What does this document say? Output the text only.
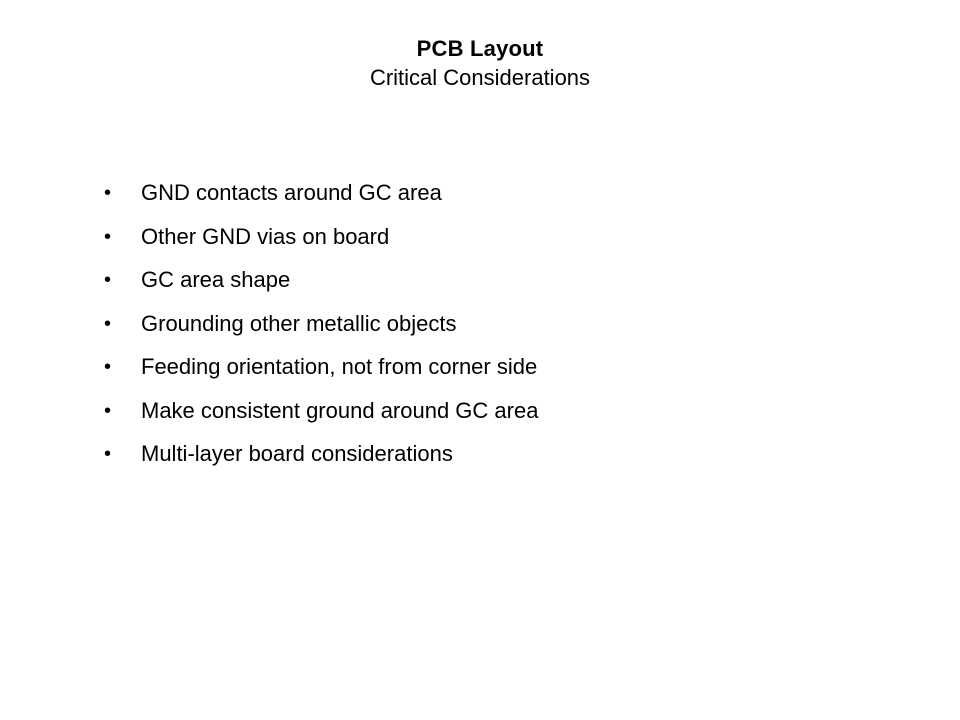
PCB Layout
Critical Considerations
•	GND contacts around GC area
•	Other GND vias on board
•	GC area shape
•	Grounding other metallic objects
•	Feeding orientation, not from corner side
•	Make consistent ground around GC area
•	Multi-layer board considerations
